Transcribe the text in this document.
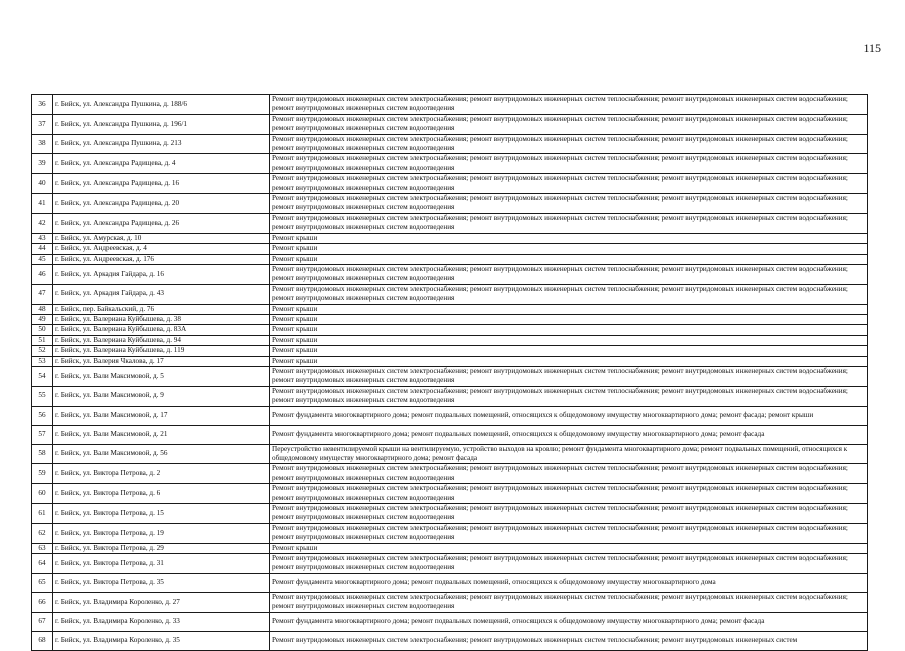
115
36	г. Бийск, ул. Александра Пушкина, д. 188/6	Ремонт внутридомовых инженерных систем электроснабжения; ремонт внутридомовых инженерных систем теплоснабжения; ремонт внутридомовых инженерных систем водоснабжения; ремонт внутридомовых инженерных систем водоотведения
37	г. Бийск, ул. Александра Пушкина, д. 196/1	Ремонт внутридомовых инженерных систем электроснабжения; ремонт внутридомовых инженерных систем теплоснабжения; ремонт внутридомовых инженерных систем водоснабжения; ремонт внутридомовых инженерных систем водоотведения
38	г. Бийск, ул. Александра Пушкина, д. 213	Ремонт внутридомовых инженерных систем электроснабжения; ремонт внутридомовых инженерных систем теплоснабжения; ремонт внутридомовых инженерных систем водоснабжения; ремонт внутридомовых инженерных систем водоотведения
39	г. Бийск, ул. Александра Радищева, д. 4	Ремонт внутридомовых инженерных систем электроснабжения; ремонт внутридомовых инженерных систем теплоснабжения; ремонт внутридомовых инженерных систем водоснабжения; ремонт внутридомовых инженерных систем водоотведения
40	г. Бийск, ул. Александра Радищева, д. 16	Ремонт внутридомовых инженерных систем электроснабжения; ремонт внутридомовых инженерных систем теплоснабжения; ремонт внутридомовых инженерных систем водоснабжения; ремонт внутридомовых инженерных систем водоотведения
41	г. Бийск, ул. Александра Радищева, д. 20	Ремонт внутридомовых инженерных систем электроснабжения; ремонт внутридомовых инженерных систем теплоснабжения; ремонт внутридомовых инженерных систем водоснабжения; ремонт внутридомовых инженерных систем водоотведения
42	г. Бийск, ул. Александра Радищева, д. 26	Ремонт внутридомовых инженерных систем электроснабжения; ремонт внутридомовых инженерных систем теплоснабжения; ремонт внутридомовых инженерных систем водоснабжения; ремонт внутридомовых инженерных систем водоотведения
43	г. Бийск, ул. Амурская, д. 10	Ремонт крыши
44	г. Бийск, ул. Андреевская, д. 4	Ремонт крыши
45	г. Бийск, ул. Андреевская, д. 176	Ремонт крыши
46	г. Бийск, ул. Аркадия Гайдара, д. 16	Ремонт внутридомовых инженерных систем электроснабжения; ремонт внутридомовых инженерных систем теплоснабжения; ремонт внутридомовых инженерных систем водоснабжения; ремонт внутридомовых инженерных систем водоотведения
47	г. Бийск, ул. Аркадия Гайдара, д. 43	Ремонт внутридомовых инженерных систем электроснабжения; ремонт внутридомовых инженерных систем теплоснабжения; ремонт внутридомовых инженерных систем водоснабжения; ремонт внутридомовых инженерных систем водоотведения
48	г. Бийск, пер. Байкальский, д. 76	Ремонт крыши
49	г. Бийск, ул. Валериана Куйбышева, д. 38	Ремонт крыши
50	г. Бийск, ул. Валериана Куйбышева, д. 83А	Ремонт крыши
51	г. Бийск, ул. Валериана Куйбышева, д. 94	Ремонт крыши
52	г. Бийск, ул. Валериана Куйбышева, д. 119	Ремонт крыши
53	г. Бийск, ул. Валерия Чкалова, д. 17	Ремонт крыши
54	г. Бийск, ул. Вали Максимовой, д. 5	Ремонт внутридомовых инженерных систем электроснабжения; ремонт внутридомовых инженерных систем теплоснабжения; ремонт внутридомовых инженерных систем водоснабжения; ремонт внутридомовых инженерных систем водоотведения
55	г. Бийск, ул. Вали Максимовой, д. 9	Ремонт внутридомовых инженерных систем электроснабжения; ремонт внутридомовых инженерных систем теплоснабжения; ремонт внутридомовых инженерных систем водоснабжения; ремонт внутридомовых инженерных систем водоотведения
56	г. Бийск, ул. Вали Максимовой, д. 17	Ремонт фундамента многоквартирного дома; ремонт подвальных помещений, относящихся к общедомовому имуществу многоквартирного дома; ремонт фасада; ремонт крыши
57	г. Бийск, ул. Вали Максимовой, д. 21	Ремонт фундамента многоквартирного дома; ремонт подвальных помещений, относящихся к общедомовому имуществу многоквартирного дома; ремонт фасада
58	г. Бийск, ул. Вали Максимовой, д. 56	Переустройство невентилируемой крыши на вентилируемую, устройство выходов на кровлю; ремонт фундамента многоквартирного дома; ремонт подвальных помещений, относящихся к общедомовому имуществу многоквартирного дома; ремонт фасада
59	г. Бийск, ул. Виктора Петрова, д. 2	Ремонт внутридомовых инженерных систем электроснабжения; ремонт внутридомовых инженерных систем теплоснабжения; ремонт внутридомовых инженерных систем водоснабжения; ремонт внутридомовых инженерных систем водоотведения
60	г. Бийск, ул. Виктора Петрова, д. 6	Ремонт внутридомовых инженерных систем электроснабжения; ремонт внутридомовых инженерных систем теплоснабжения; ремонт внутридомовых инженерных систем водоснабжения; ремонт внутридомовых инженерных систем водоотведения
61	г. Бийск, ул. Виктора Петрова, д. 15	Ремонт внутридомовых инженерных систем электроснабжения; ремонт внутридомовых инженерных систем теплоснабжения; ремонт внутридомовых инженерных систем водоснабжения; ремонт внутридомовых инженерных систем водоотведения
62	г. Бийск, ул. Виктора Петрова, д. 19	Ремонт внутридомовых инженерных систем электроснабжения; ремонт внутридомовых инженерных систем теплоснабжения; ремонт внутридомовых инженерных систем водоснабжения; ремонт внутридомовых инженерных систем водоотведения
63	г. Бийск, ул. Виктора Петрова, д. 29	Ремонт крыши
64	г. Бийск, ул. Виктора Петрова, д. 31	Ремонт внутридомовых инженерных систем электроснабжения; ремонт внутридомовых инженерных систем теплоснабжения; ремонт внутридомовых инженерных систем водоснабжения; ремонт внутридомовых инженерных систем водоотведения
65	г. Бийск, ул. Виктора Петрова, д. 35	Ремонт фундамента многоквартирного дома; ремонт подвальных помещений, относящихся к общедомовому имуществу многоквартирного дома
66	г. Бийск, ул. Владимира Короленко, д. 27	Ремонт внутридомовых инженерных систем электроснабжения; ремонт внутридомовых инженерных систем теплоснабжения; ремонт внутридомовых инженерных систем водоснабжения; ремонт внутридомовых инженерных систем водоотведения
67	г. Бийск, ул. Владимира Короленко, д. 33	Ремонт фундамента многоквартирного дома; ремонт подвальных помещений, относящихся к общедомовому имуществу многоквартирного дома; ремонт фасада
68	г. Бийск, ул. Владимира Короленко, д. 35	Ремонт внутридомовых инженерных систем электроснабжения; ремонт внутридомовых инженерных систем теплоснабжения; ремонт внутридомовых инженерных систем
